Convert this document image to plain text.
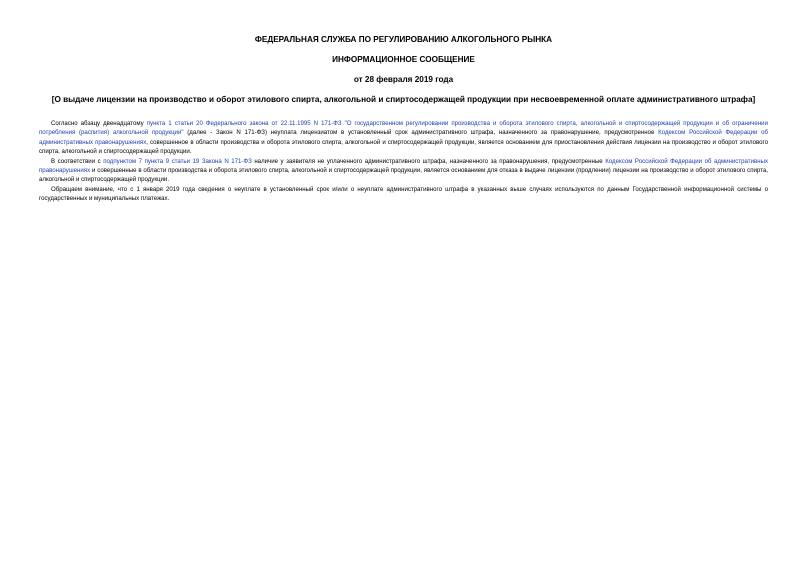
ФЕДЕРАЛЬНАЯ СЛУЖБА ПО РЕГУЛИРОВАНИЮ АЛКОГОЛЬНОГО РЫНКА

ИНФОРМАЦИОННОЕ СООБЩЕНИЕ

от 28 февраля 2019 года

[О выдаче лицензии на производство и оборот этилового спирта, алкогольной и спиртосодержащей продукции при несвоевременной оплате административного штрафа]

Согласно абзацу двенадцатому пункта 1 статьи 20 Федерального закона от 22.11.1995 N 171-ФЗ "О государственном регулировании производства и оборота этилового спирта, алкогольной и спиртосодержащей продукции и об ограничении потребления (распития) алкогольной продукции" (далее - Закон N 171-ФЗ) неуплата лицензиатом в установленный срок административного штрафа, назначенного за правонарушение, предусмотренное Кодексом Российской Федерации об административных правонарушениях, совершенное в области производства и оборота этилового спирта, алкогольной и спиртосодержащей продукции, является основанием для приостановления действия лицензии на производство и оборот этилового спирта, алкогольной и спиртосодержащей продукции.

В соответствии с подпунктом 7 пункта 9 статьи 19 Закона N 171-ФЗ наличие у заявителя не уплаченного административного штрафа, назначенного за правонарушения, предусмотренные Кодексом Российской Федерации об административных правонарушениях и совершенные в области производства и оборота этилового спирта, алкогольной и спиртосодержащей продукции, является основанием для отказа в выдаче лицензии (продлении) лицензии на производство и оборот этилового спирта, алкогольной и спиртосодержащей продукции.

Обращаем внимание, что с 1 января 2019 года сведения о неуплате в установленный срок и/или о неуплате административного штрафа в указанных выше случаях используются по данным Государственной информационной системы о государственных и муниципальных платежах.
